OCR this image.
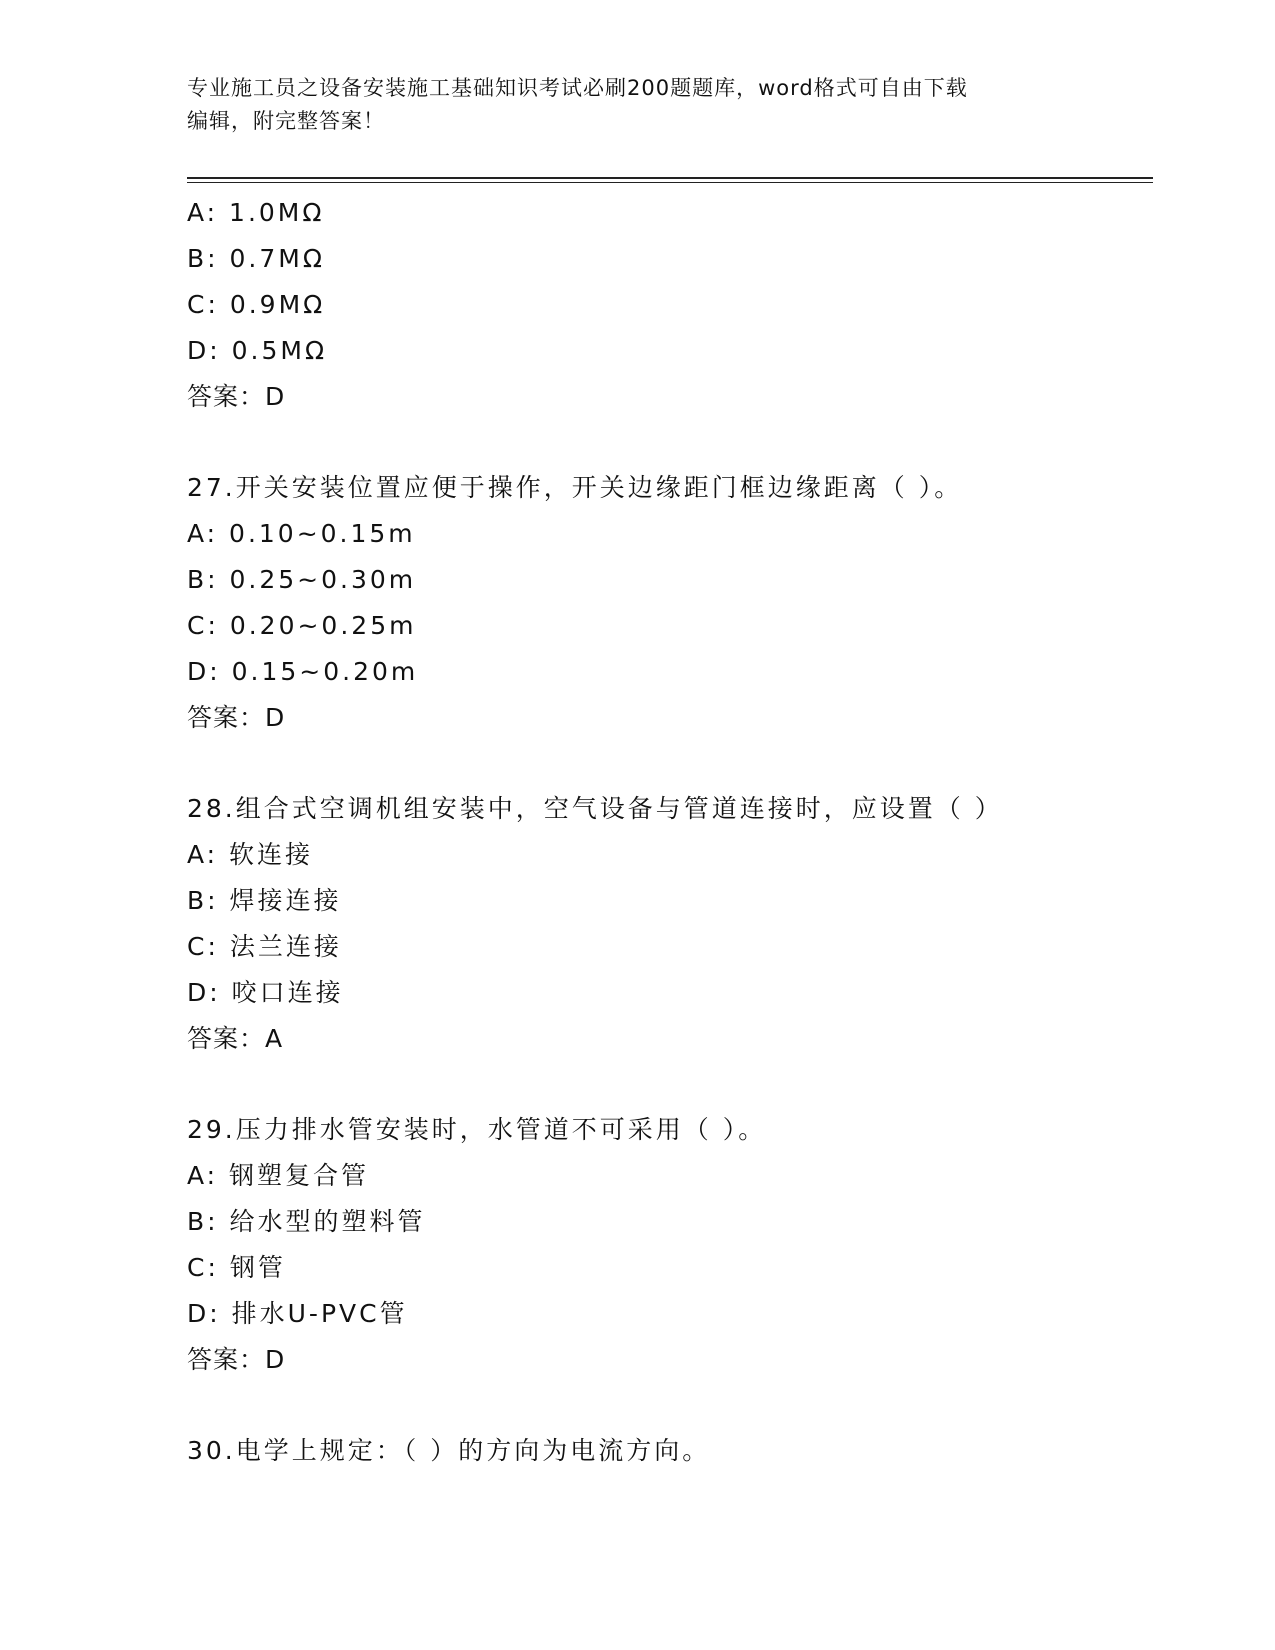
专业施工员之设备安装施工基础知识考试必刷200题题库，word格式可自由下载
编辑，附完整答案！
A: 1.0MΩ
B: 0.7MΩ
C: 0.9MΩ
D: 0.5MΩ
答案：D
27.开关安装位置应便于操作，开关边缘距门框边缘距离（ ）。
A: 0.10~0.15m
B: 0.25~0.30m
C: 0.20~0.25m
D: 0.15~0.20m
答案：D
28.组合式空调机组安装中，空气设备与管道连接时，应设置（ ）
A: 软连接
B: 焊接连接
C: 法兰连接
D: 咬口连接
答案：A
29.压力排水管安装时，水管道不可采用（ ）。
A: 钢塑复合管
B: 给水型的塑料管
C: 钢管
D: 排水U-PVC管
答案：D
30.电学上规定：（ ）的方向为电流方向。
